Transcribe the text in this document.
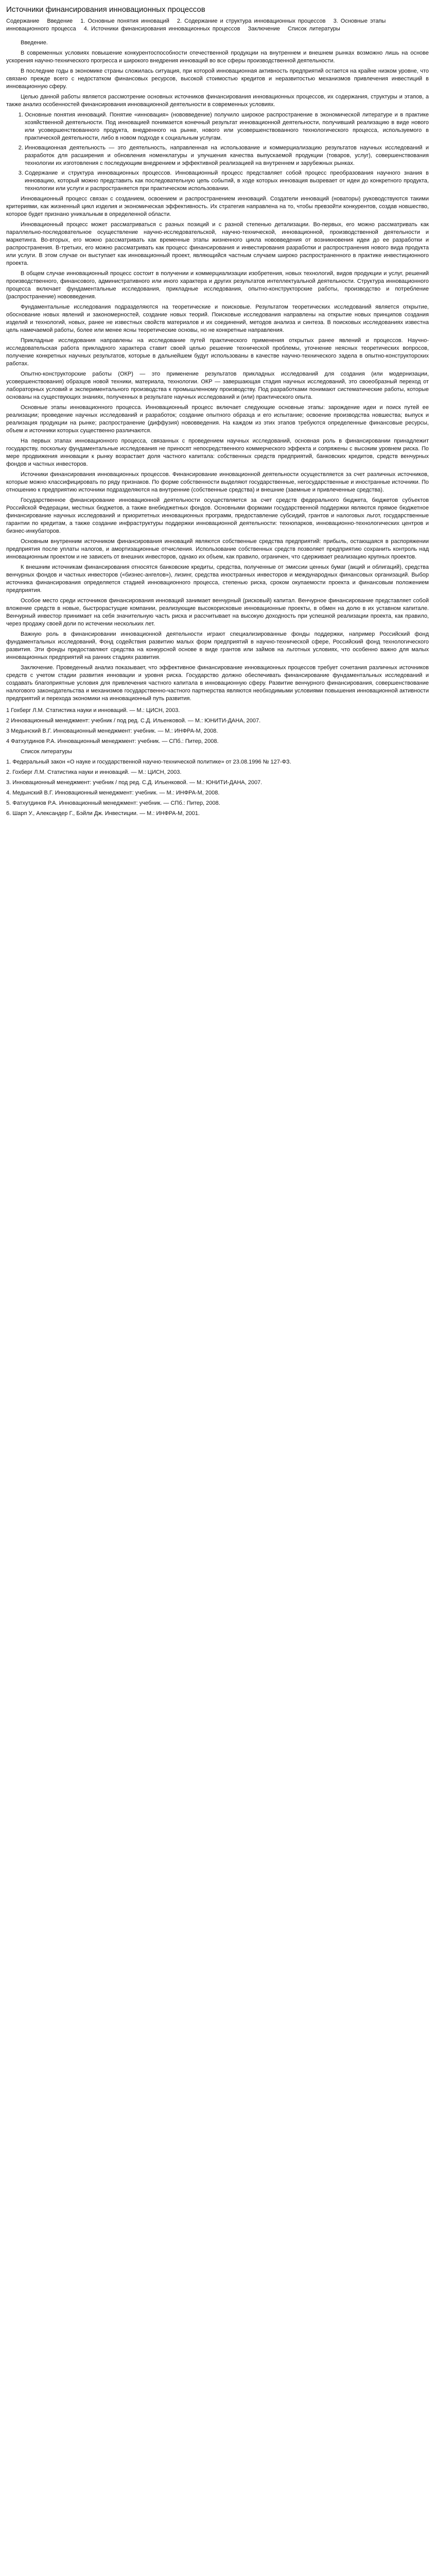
Источники финансирования инновационных процессов
Содержание Введение 1. Основные понятия инноваций 2. Содержание и структура инновационных процессов 3. Основные этапы инновационного процесса 4. Источники финансирования инновационных процессов Заключение Список литературы

Введение.

В современных условиях повышение конкурентоспособности отечественной продукции на внутреннем и внешнем рынках возможно лишь на основе ускорения научно-технического прогресса и широкого внедрения инноваций во все сферы производственной деятельности.

В последние годы в экономике страны сложилась ситуация, при которой инновационная активность предприятий остается на крайне низком уровне, что связано прежде всего с недостатком финансовых ресурсов, высокой стоимостью кредитов и неразвитостью механизмов привлечения инвестиций в инновационную сферу.

Целью данной работы является рассмотрение основных источников финансирования инновационных процессов, их содержания, структуры и этапов, а также анализ особенностей финансирования инновационной деятельности в современных условиях.

1. Основные понятия инноваций. Понятие «инновация» (нововведение) получило широкое распространение в экономической литературе и в практике хозяйственной деятельности. Под инновацией понимается конечный результат инновационной деятельности, получивший реализацию в виде нового или усовершенствованного продукта, внедренного на рынке, нового или усовершенствованного технологического процесса, используемого в практической деятельности, либо в новом подходе к социальным услугам.
2. Инновационная деятельность — это деятельность, направленная на использование и коммерциализацию результатов научных исследований и разработок для расширения и обновления номенклатуры и улучшения качества выпускаемой продукции (товаров, услуг), совершенствования технологии их изготовления с последующим внедрением и эффективной реализацией на внутреннем и зарубежных рынках.
3. Содержание и структура инновационных процессов. Инновационный процесс представляет собой процесс преобразования научного знания в инновацию, который можно представить как последовательную цепь событий, в ходе которых инновация вызревает от идеи до конкретного продукта, технологии или услуги и распространяется при практическом использовании.

Инновационный процесс связан с созданием, освоением и распространением инноваций. Создатели инноваций (новаторы) руководствуются такими критериями, как жизненный цикл изделия и экономическая эффективность. Их стратегия направлена на то, чтобы превзойти конкурентов, создав новшество, которое будет признано уникальным в определенной области.

Инновационный процесс может рассматриваться с разных позиций и с разной степенью детализации. Во-первых, его можно рассматривать как параллельно-последовательное осуществление научно-исследовательской, научно-технической, инновационной, производственной деятельности и маркетинга. Во-вторых, его можно рассматривать как временные этапы жизненного цикла нововведения от возникновения идеи до ее разработки и распространения. В-третьих, его можно рассматривать как процесс финансирования и инвестирования разработки и распространения нового вида продукта или услуги. В этом случае он выступает как инновационный проект, являющийся частным случаем широко распространенного в практике инвестиционного проекта.

В общем случае инновационный процесс состоит в получении и коммерциализации изобретения, новых технологий, видов продукции и услуг, решений производственного, финансового, административного или иного характера и других результатов интеллектуальной деятельности. Структура инновационного процесса включает фундаментальные исследования, прикладные исследования, опытно-конструкторские работы, производство и потребление (распространение) нововведения.

Фундаментальные исследования подразделяются на теоретические и поисковые. Результатом теоретических исследований является открытие, обоснование новых явлений и закономерностей, создание новых теорий. Поисковые исследования направлены на открытие новых принципов создания изделий и технологий, новых, ранее не известных свойств материалов и их соединений, методов анализа и синтеза. В поисковых исследованиях известна цель намечаемой работы, более или менее ясны теоретические основы, но не конкретные направления.

Прикладные исследования направлены на исследование путей практического применения открытых ранее явлений и процессов. Научно-исследовательская работа прикладного характера ставит своей целью решение технической проблемы, уточнение неясных теоретических вопросов, получение конкретных научных результатов, которые в дальнейшем будут использованы в качестве научно-технического задела в опытно-конструкторских работах.

Опытно-конструкторские работы (ОКР) — это применение результатов прикладных исследований для создания (или модернизации, усовершенствования) образцов новой техники, материала, технологии. ОКР — завершающая стадия научных исследований, это своеобразный переход от лабораторных условий и экспериментального производства к промышленному производству. Под разработками понимают систематические работы, которые основаны на существующих знаниях, полученных в результате научных исследований и (или) практического опыта.

Основные этапы инновационного процесса. Инновационный процесс включает следующие основные этапы: зарождение идеи и поиск путей ее реализации; проведение научных исследований и разработок; создание опытного образца и его испытание; освоение производства новшества; выпуск и реализация продукции на рынке; распространение (диффузия) нововведения. На каждом из этих этапов требуются определенные финансовые ресурсы, объем и источники которых существенно различаются.

На первых этапах инновационного процесса, связанных с проведением научных исследований, основная роль в финансировании принадлежит государству, поскольку фундаментальные исследования не приносят непосредственного коммерческого эффекта и сопряжены с высоким уровнем риска. По мере продвижения инновации к рынку возрастает доля частного капитала: собственных средств предприятий, банковских кредитов, средств венчурных фондов и частных инвесторов.

Источники финансирования инновационных процессов. Финансирование инновационной деятельности осуществляется за счет различных источников, которые можно классифицировать по ряду признаков. По форме собственности выделяют государственные, негосударственные и иностранные источники. По отношению к предприятию источники подразделяются на внутренние (собственные средства) и внешние (заемные и привлеченные средства).

Государственное финансирование инновационной деятельности осуществляется за счет средств федерального бюджета, бюджетов субъектов Российской Федерации, местных бюджетов, а также внебюджетных фондов. Основными формами государственной поддержки являются прямое бюджетное финансирование научных исследований и приоритетных инновационных программ, предоставление субсидий, грантов и налоговых льгот, государственные гарантии по кредитам, а также создание инфраструктуры поддержки инновационной деятельности: технопарков, инновационно-технологических центров и бизнес-инкубаторов.

Основным внутренним источником финансирования инноваций являются собственные средства предприятий: прибыль, остающаяся в распоряжении предприятия после уплаты налогов, и амортизационные отчисления. Использование собственных средств позволяет предприятию сохранить контроль над инновационным проектом и не зависеть от внешних инвесторов, однако их объем, как правило, ограничен, что сдерживает реализацию крупных проектов.

К внешним источникам финансирования относятся банковские кредиты, средства, полученные от эмиссии ценных бумаг (акций и облигаций), средства венчурных фондов и частных инвесторов («бизнес-ангелов»), лизинг, средства иностранных инвесторов и международных финансовых организаций. Выбор источника финансирования определяется стадией инновационного процесса, степенью риска, сроком окупаемости проекта и финансовым положением предприятия.

Особое место среди источников финансирования инноваций занимает венчурный (рисковый) капитал. Венчурное финансирование представляет собой вложение средств в новые, быстрорастущие компании, реализующие высокорисковые инновационные проекты, в обмен на долю в их уставном капитале. Венчурный инвестор принимает на себя значительную часть риска и рассчитывает на высокую доходность при успешной реализации проекта, как правило, через продажу своей доли по истечении нескольких лет.

Важную роль в финансировании инновационной деятельности играют специализированные фонды поддержки, например Российский фонд фундаментальных исследований, Фонд содействия развитию малых форм предприятий в научно-технической сфере, Российский фонд технологического развития. Эти фонды предоставляют средства на конкурсной основе в виде грантов или займов на льготных условиях, что особенно важно для малых инновационных предприятий на ранних стадиях развития.

Заключение. Проведенный анализ показывает, что эффективное финансирование инновационных процессов требует сочетания различных источников средств с учетом стадии развития инновации и уровня риска. Государство должно обеспечивать финансирование фундаментальных исследований и создавать благоприятные условия для привлечения частного капитала в инновационную сферу. Развитие венчурного финансирования, совершенствование налогового законодательства и механизмов государственно-частного партнерства являются необходимыми условиями повышения инновационной активности предприятий и перехода экономики на инновационный путь развития.

1 Гохберг Л.М. Статистика науки и инноваций. — М.: ЦИСН, 2003.

2 Инновационный менеджмент: учебник / под ред. С.Д. Ильенковой. — М.: ЮНИТИ-ДАНА, 2007.

3 Медынский В.Г. Инновационный менеджмент: учебник. — М.: ИНФРА-М, 2008.

4 Фатхутдинов Р.А. Инновационный менеджмент: учебник. — СПб.: Питер, 2008.

Список литературы

1. Федеральный закон «О науке и государственной научно-технической политике» от 23.08.1996 № 127-ФЗ.

2. Гохберг Л.М. Статистика науки и инноваций. — М.: ЦИСН, 2003.

3. Инновационный менеджмент: учебник / под ред. С.Д. Ильенковой. — М.: ЮНИТИ-ДАНА, 2007.

4. Медынский В.Г. Инновационный менеджмент: учебник. — М.: ИНФРА-М, 2008.

5. Фатхутдинов Р.А. Инновационный менеджмент: учебник. — СПб.: Питер, 2008.

6. Шарп У., Александер Г., Бэйли Дж. Инвестиции. — М.: ИНФРА-М, 2001.
